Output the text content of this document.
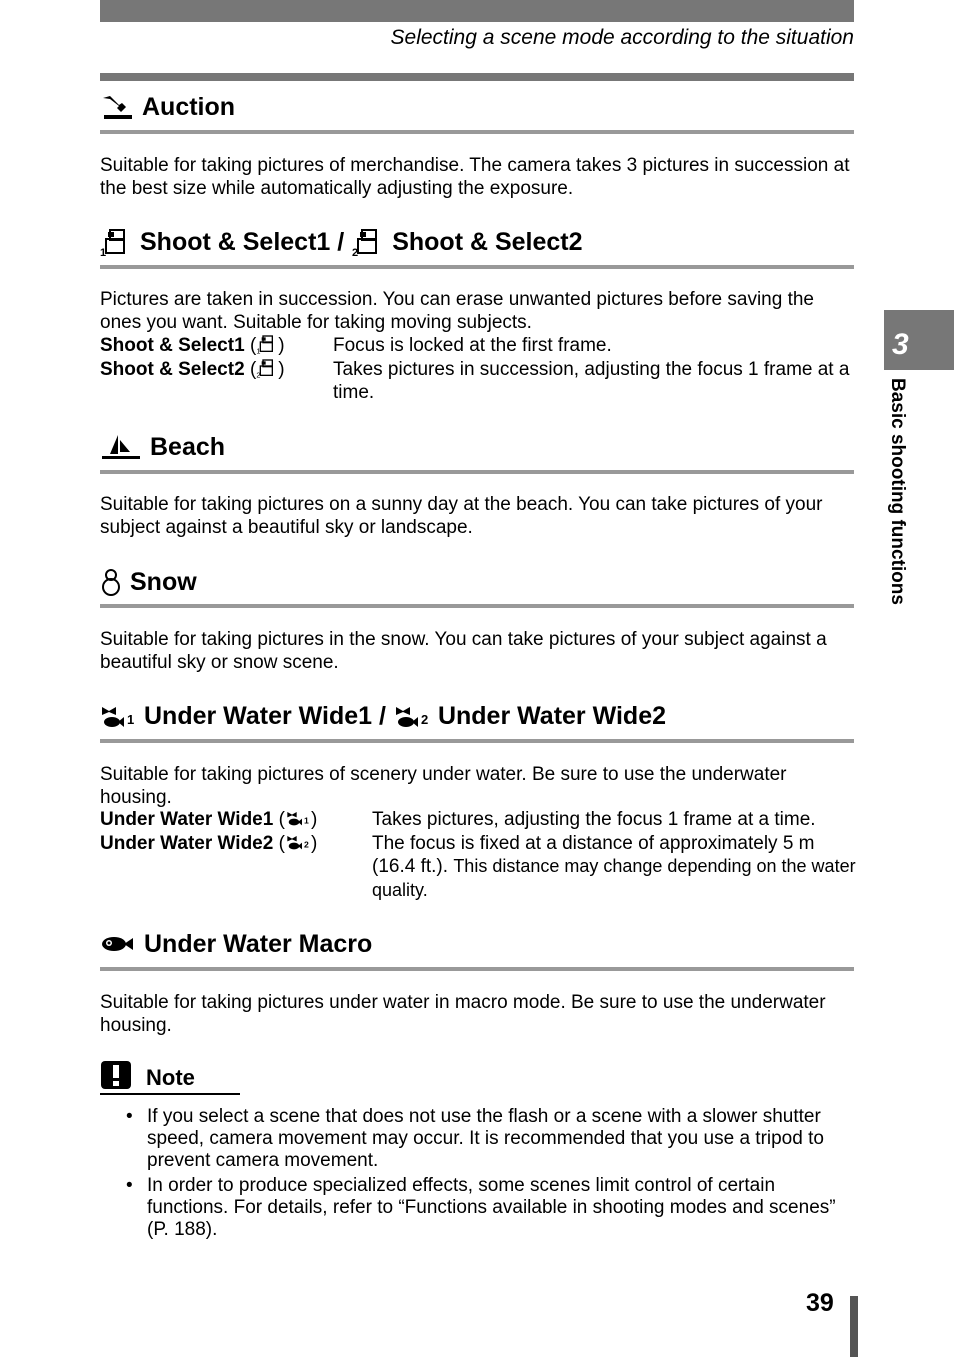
Selecting a scene mode according to the situation
Auction
Suitable for taking pictures of merchandise. The camera takes 3 pictures in succession at the best size while automatically adjusting the exposure.
1 Shoot & Select1 / 2 Shoot & Select2
Pictures are taken in succession. You can erase unwanted pictures before saving the ones you want. Suitable for taking moving subjects.
Shoot & Select1 ( 1 )	Focus is locked at the first frame.
Shoot & Select2 ( 2 )	Takes pictures in succession, adjusting the focus 1 frame at a time.
Beach
Suitable for taking pictures on a sunny day at the beach. You can take pictures of your subject against a beautiful sky or landscape.
Snow
Suitable for taking pictures in the snow. You can take pictures of your subject against a beautiful sky or snow scene.
1 Under Water Wide1 /	2 Under Water Wide2
Suitable for taking pictures of scenery under water. Be sure to use the underwater housing.
Under Water Wide1 ( 1 )	Takes pictures, adjusting the focus 1 frame at a time.
Under Water Wide2 ( 2 )	The focus is fixed at a distance of approximately 5 m (16.4 ft.). This distance may change depending on the water quality.
Under Water Macro
Suitable for taking pictures under water in macro mode. Be sure to use the underwater housing.
Note
• If you select a scene that does not use the flash or a scene with a slower shutter speed, camera movement may occur. It is recommended that you use a tripod to prevent camera movement.
• In order to produce specialized effects, some scenes limit control of certain functions. For details, refer to “Functions available in shooting modes and scenes” (P. 188).
3
Basic shooting functions
39
